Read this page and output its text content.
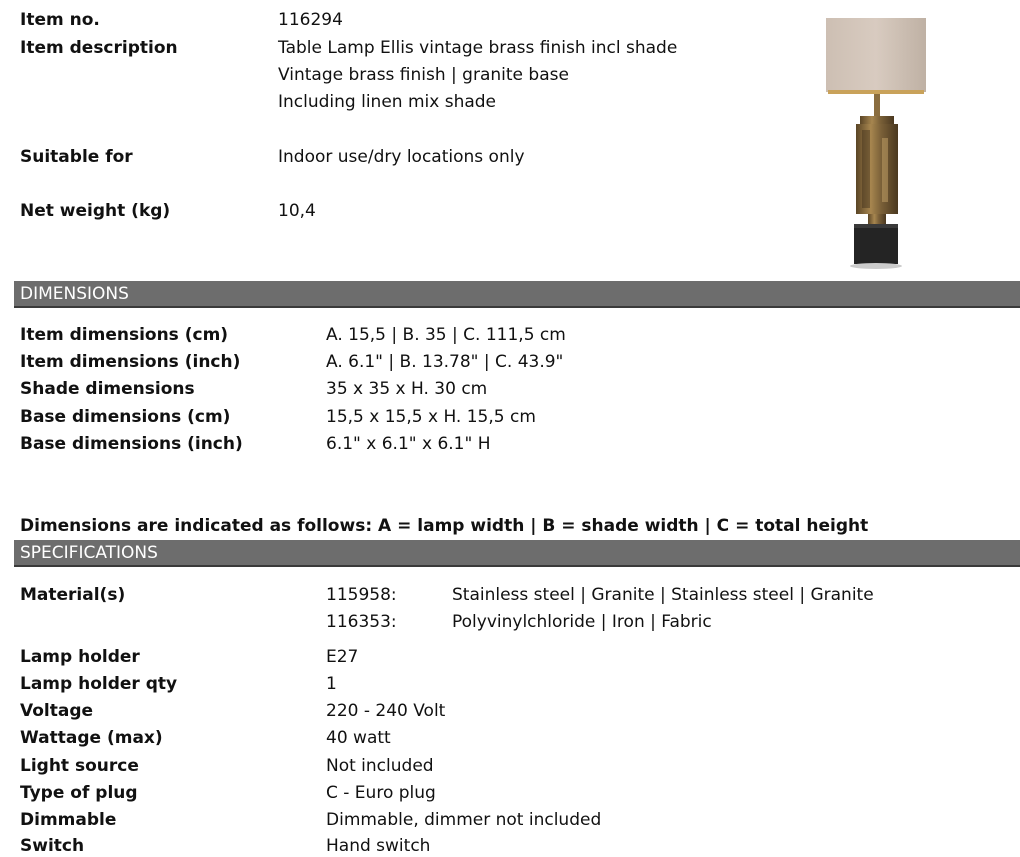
Item no.	116294
Item description	Table Lamp Ellis vintage brass finish incl shade
Vintage brass finish | granite base
Including linen mix shade
Suitable for	Indoor use/dry locations only
Net weight (kg)	10,4
DIMENSIONS
Item dimensions (cm)	A. 15,5 | B. 35 | C. 111,5 cm
Item dimensions (inch)	A. 6.1" | B. 13.78" | C. 43.9"
Shade dimensions	35 x 35 x H. 30 cm
Base dimensions (cm)	15,5 x 15,5 x H. 15,5 cm
Base dimensions (inch)	6.1" x 6.1" x 6.1" H
Dimensions are indicated as follows: A = lamp width | B = shade width | C = total height
SPECIFICATIONS
Material(s)	115958:	Stainless steel | Granite | Stainless steel | Granite
116353:	Polyvinylchloride | Iron | Fabric
Lamp holder	E27
Lamp holder qty	1
Voltage	220 - 240 Volt
Wattage (max)	40 watt
Light source	Not included
Type of plug	C - Euro plug
Dimmable	Dimmable, dimmer not included
Switch	Hand switch
